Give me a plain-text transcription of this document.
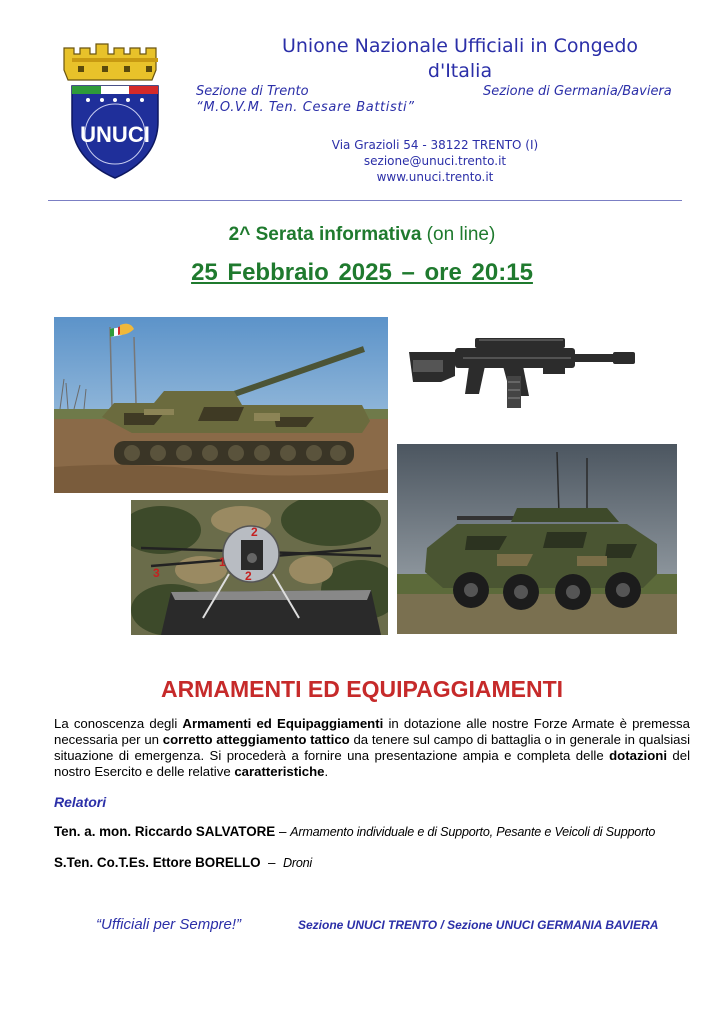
UNUCI
Unione Nazionale Ufficiali in Congedo
d'Italia
Sezione di Trento	Sezione di Germania/Baviera
“M.O.V.M. Ten. Cesare Battisti”
Via Grazioli 54 - 38122 TRENTO (I)
sezione@unuci.trento.it
www.unuci.trento.it
2^ Serata informativa (on line)
25 Febbraio 2025 – ore 20:15
1
2
2
3
ARMAMENTI ED EQUIPAGGIAMENTI
La conoscenza degli Armamenti ed Equipaggiamenti in dotazione alle nostre Forze Armate è premessa necessaria per un corretto atteggiamento tattico da tenere sul campo di battaglia o in generale in qualsiasi situazione di emergenza. Si procederà a fornire una presentazione ampia e completa delle dotazioni del nostro Esercito e delle relative caratteristiche.
Relatori
Ten. a. mon. Riccardo SALVATORE – Armamento individuale e di Supporto, Pesante e Veicoli di Supporto
S.Ten. Co.T.Es. Ettore BORELLO  –  Droni
“Ufficiali per Sempre!”	Sezione UNUCI TRENTO / Sezione UNUCI GERMANIA BAVIERA
